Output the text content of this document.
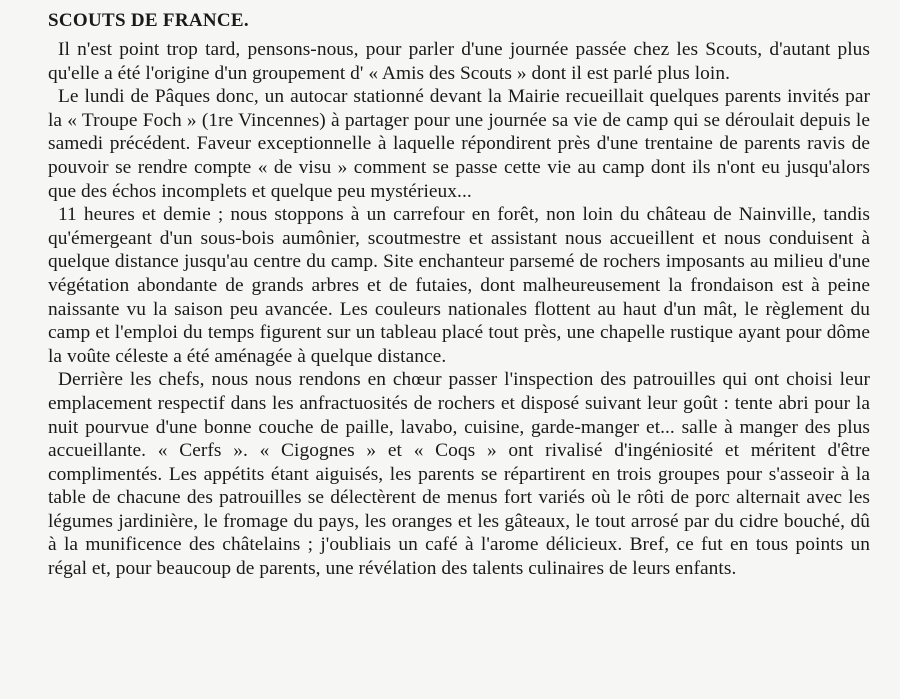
SCOUTS DE FRANCE.

Il n'est point trop tard, pensons-nous, pour parler d'une journée passée chez les Scouts, d'autant plus qu'elle a été l'origine d'un groupement d' « Amis des Scouts » dont il est parlé plus loin.

Le lundi de Pâques donc, un autocar stationné devant la Mairie recueillait quelques parents invités par la « Troupe Foch » (1re Vincennes) à partager pour une journée sa vie de camp qui se déroulait depuis le samedi précédent. Faveur exceptionnelle à laquelle répondirent près d'une trentaine de parents ravis de pouvoir se rendre compte « de visu » comment se passe cette vie au camp dont ils n'ont eu jusqu'alors que des échos incomplets et quelque peu mystérieux...

11 heures et demie ; nous stoppons à un carrefour en forêt, non loin du château de Nainville, tandis qu'émergeant d'un sous-bois aumônier, scoutmestre et assistant nous accueillent et nous conduisent à quelque distance jusqu'au centre du camp. Site enchanteur parsemé de rochers imposants au milieu d'une végétation abondante de grands arbres et de futaies, dont malheureusement la frondaison est à peine naissante vu la saison peu avancée. Les couleurs nationales flottent au haut d'un mât, le règlement du camp et l'emploi du temps figurent sur un tableau placé tout près, une chapelle rustique ayant pour dôme la voûte céleste a été aménagée à quelque distance.

Derrière les chefs, nous nous rendons en chœur passer l'inspection des patrouilles qui ont choisi leur emplacement respectif dans les anfractuosités de rochers et disposé suivant leur goût : tente abri pour la nuit pourvue d'une bonne couche de paille, lavabo, cuisine, garde-manger et... salle à manger des plus accueillante. « Cerfs ». « Cigognes » et « Coqs » ont rivalisé d'ingéniosité et méritent d'être complimentés. Les appétits étant aiguisés, les parents se répartirent en trois groupes pour s'asseoir à la table de chacune des patrouilles se délectèrent de menus fort variés où le rôti de porc alternait avec les légumes jardinière, le fromage du pays, les oranges et les gâteaux, le tout arrosé par du cidre bouché, dû à la munificence des châtelains ; j'oubliais un café à l'arome délicieux. Bref, ce fut en tous points un régal et, pour beaucoup de parents, une révélation des talents culinaires de leurs enfants.
